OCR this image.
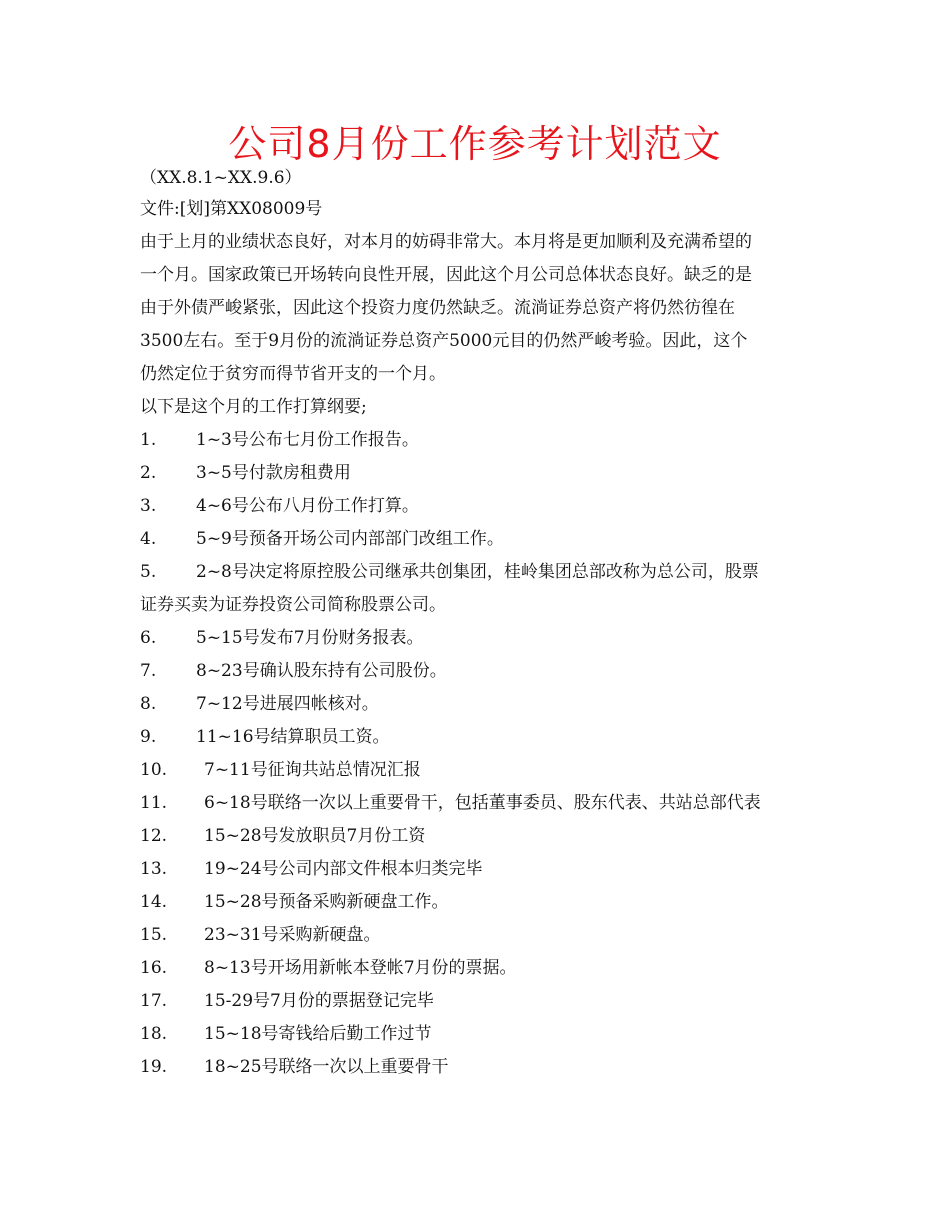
公司8月份工作参考计划范文
（XX.8.1~XX.9.6）
文件:[划]第XX08009号
由于上月的业绩状态良好，对本月的妨碍非常大。本月将是更加顺利及充满希望的
一个月。国家政策已开场转向良性开展，因此这个月公司总体状态良好。缺乏的是
由于外债严峻紧张，因此这个投资力度仍然缺乏。流淌证券总资产将仍然彷徨在
3500左右。至于9月份的流淌证券总资产5000元目的仍然严峻考验。因此，这个
仍然定位于贫穷而得节省开支的一个月。
以下是这个月的工作打算纲要;
1.	1~3号公布七月份工作报告。
2.	3~5号付款房租费用
3.	4~6号公布八月份工作打算。
4.	5~9号预备开场公司内部部门改组工作。
5.	2~8号决定将原控股公司继承共创集团，桂岭集团总部改称为总公司，股票
证券买卖为证券投资公司简称股票公司。
6.	5~15号发布7月份财务报表。
7.	8~23号确认股东持有公司股份。
8.	7~12号进展四帐核对。
9.	11~16号结算职员工资。
10.	7~11号征询共站总情况汇报
11.	6~18号联络一次以上重要骨干，包括董事委员、股东代表、共站总部代表
12.	15~28号发放职员7月份工资
13.	19~24号公司内部文件根本归类完毕
14.	15~28号预备采购新硬盘工作。
15.	23~31号采购新硬盘。
16.	8~13号开场用新帐本登帐7月份的票据。
17.	15-29号7月份的票据登记完毕
18.	15~18号寄钱给后勤工作过节
19.	18~25号联络一次以上重要骨干
